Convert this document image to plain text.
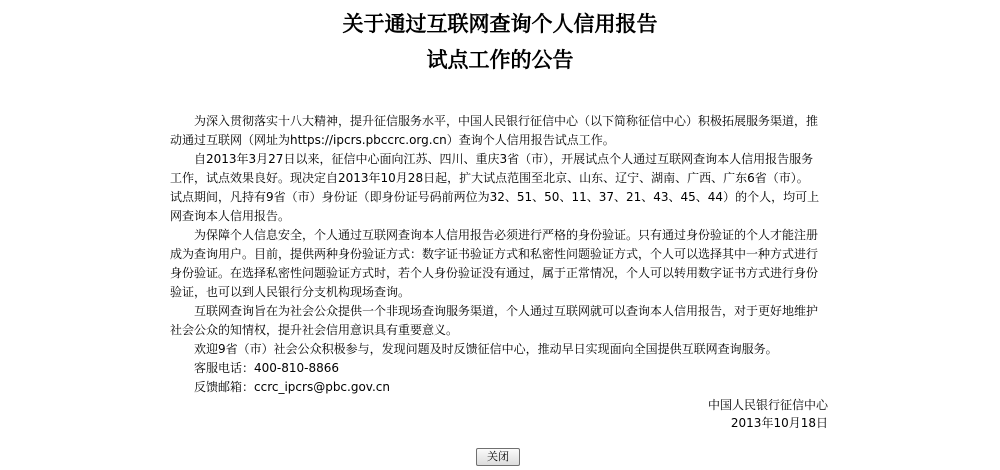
关于通过互联网查询个人信用报告
试点工作的公告

为深入贯彻落实十八大精神，提升征信服务水平，中国人民银行征信中心（以下简称征信中心）积极拓展服务渠道，推动通过互联网（网址为https://ipcrs.pbccrc.org.cn）查询个人信用报告试点工作。

自2013年3月27日以来，征信中心面向江苏、四川、重庆3省（市），开展试点个人通过互联网查询本人信用报告服务工作，试点效果良好。现决定自2013年10月28日起，扩大试点范围至北京、山东、辽宁、湖南、广西、广东6省（市）。试点期间，凡持有9省（市）身份证（即身份证号码前两位为32、51、50、11、37、21、43、45、44）的个人，均可上网查询本人信用报告。

为保障个人信息安全，个人通过互联网查询本人信用报告必须进行严格的身份验证。只有通过身份验证的个人才能注册成为查询用户。目前，提供两种身份验证方式：数字证书验证方式和私密性问题验证方式，个人可以选择其中一种方式进行身份验证。在选择私密性问题验证方式时，若个人身份验证没有通过，属于正常情况，个人可以转用数字证书方式进行身份验证，也可以到人民银行分支机构现场查询。

互联网查询旨在为社会公众提供一个非现场查询服务渠道，个人通过互联网就可以查询本人信用报告，对于更好地维护社会公众的知情权，提升社会信用意识具有重要意义。

欢迎9省（市）社会公众积极参与，发现问题及时反馈征信中心，推动早日实现面向全国提供互联网查询服务。

客服电话：400-810-8866
反馈邮箱：ccrc_ipcrs@pbc.gov.cn
中国人民银行征信中心
2013年10月18日
关闭
